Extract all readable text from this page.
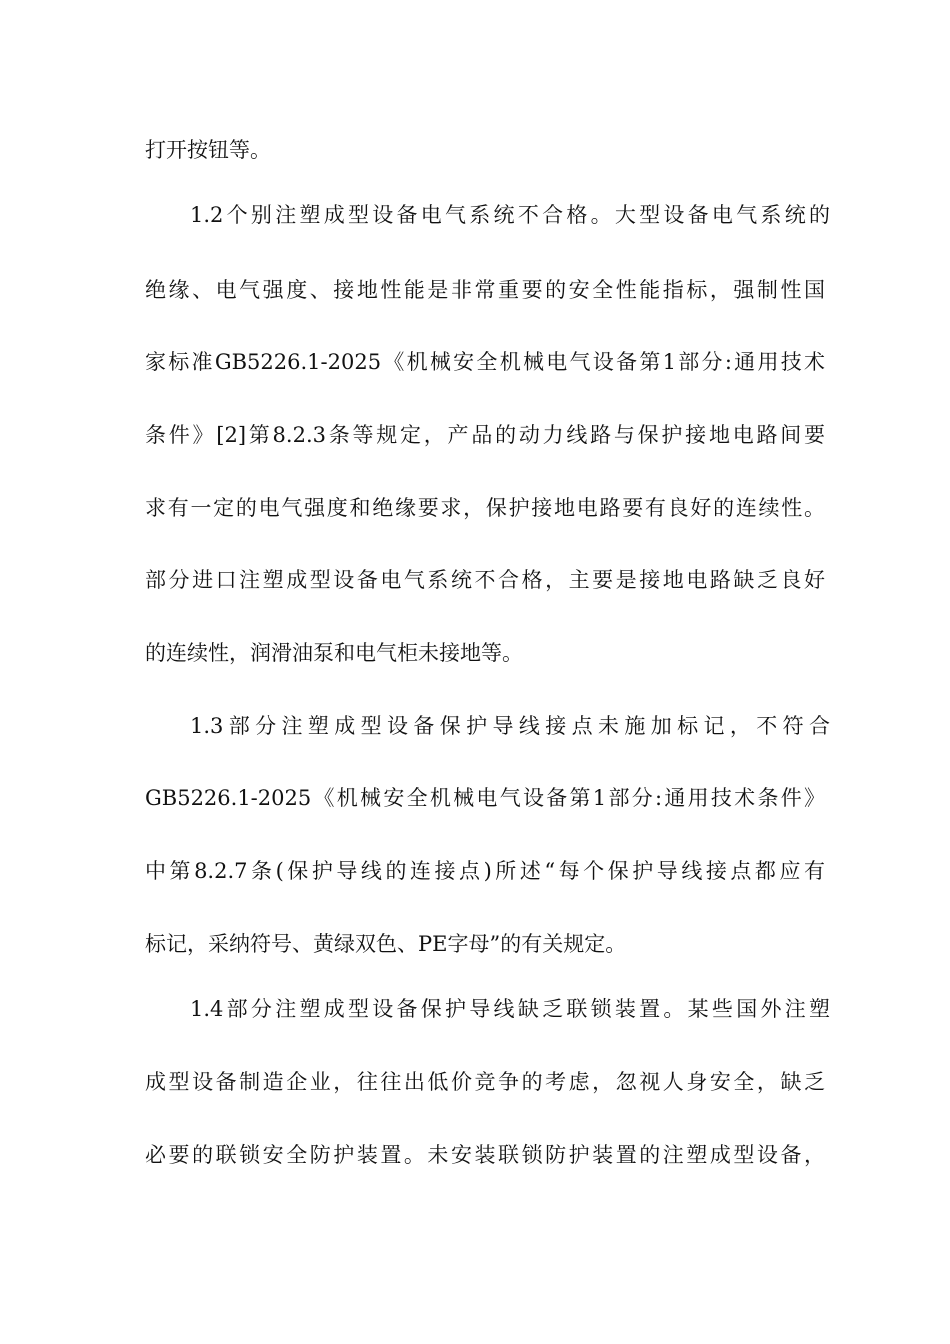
打开按钮等。
1.2个别注塑成型设备电气系统不合格。大型设备电气系统的
绝缘、电气强度、接地性能是非常重要的安全性能指标，强制性国
家标准GB5226.1-2025《机械安全机械电气设备第1部分:通用技术
条件》[2]第8.2.3条等规定，产品的动力线路与保护接地电路间要
求有一定的电气强度和绝缘要求，保护接地电路要有良好的连续性。
部分进口注塑成型设备电气系统不合格，主要是接地电路缺乏良好
的连续性，润滑油泵和电气柜未接地等。
1.3部分注塑成型设备保护导线接点未施加标记，不符合
GB5226.1-2025《机械安全机械电气设备第1部分:通用技术条件》
中第8.2.7条(保护导线的连接点)所述“每个保护导线接点都应有
标记，采纳符号、黄绿双色、PE字母”的有关规定。
1.4部分注塑成型设备保护导线缺乏联锁装置。某些国外注塑
成型设备制造企业，往往出低价竞争的考虑，忽视人身安全，缺乏
必要的联锁安全防护装置。未安装联锁防护装置的注塑成型设备，
